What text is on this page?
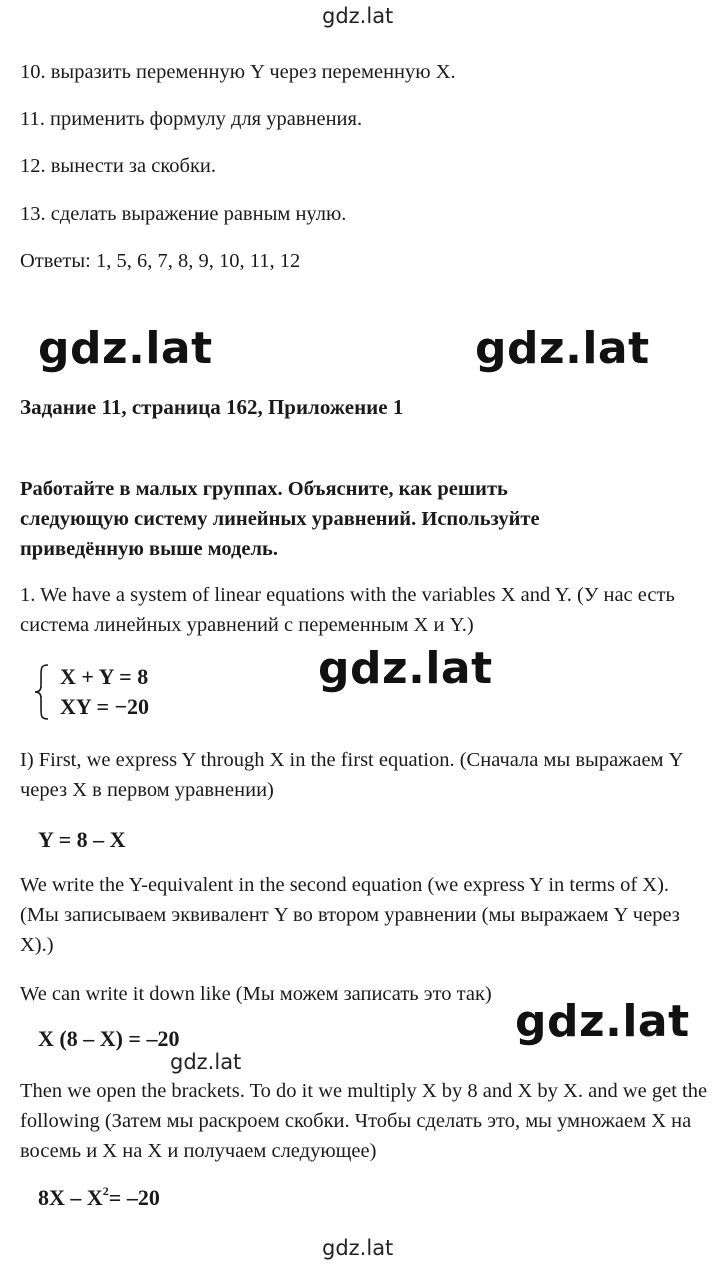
gdz.lat
gdz.lat	gdz.lat
gdz.lat
gdz.lat
gdz.lat
gdz.lat
10. выразить переменную Y через переменную X.
11. применить формулу для уравнения.
12. вынести за скобки.
13. сделать выражение равным нулю.
Ответы: 1, 5, 6, 7, 8, 9, 10, 11, 12
Задание 11, страница 162, Приложение 1
Работайте в малых группах. Объясните, как решить следующую систему линейных уравнений. Используйте приведённую выше модель.
1. We have a system of linear equations with the variables X and Y. (У нас есть система линейных уравнений с переменным X и Y.)
X + Y = 8
XY = −20
I) First, we express Y through X in the first equation. (Сначала мы выражаем Y через X в первом уравнении)
Y = 8 – X
We write the Y-equivalent in the second equation (we express Y in terms of X). (Мы записываем эквивалент Y во втором уравнении (мы выражаем Y через X).)
We can write it down like (Мы можем записать это так)
X (8 – X) = –20
Then we open the brackets. To do it we multiply X by 8 and X by X. and we get the following (Затем мы раскроем скобки. Чтобы сделать это, мы умножаем X на восемь и X на X и получаем следующее)
$8X - X^2= -20$
